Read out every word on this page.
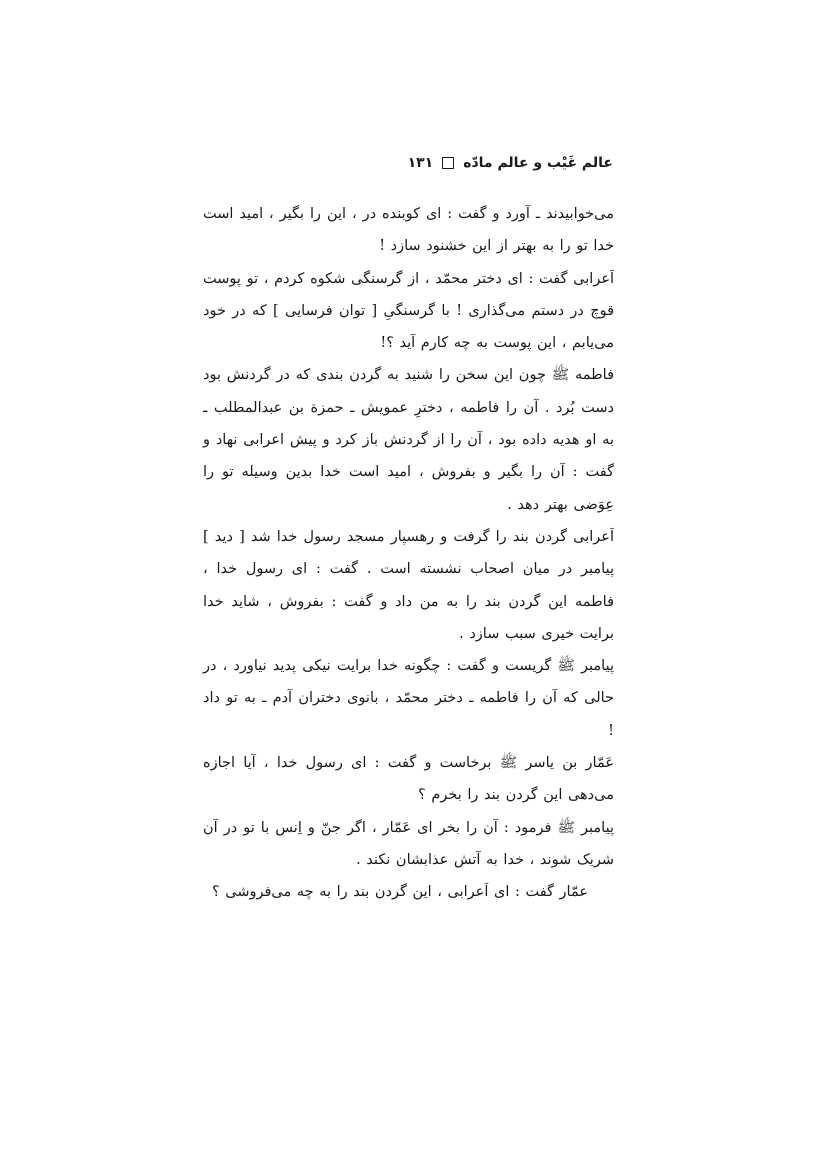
عالم غَیْب و عالم مادّه
۱۳۱

می‌خوابیدند ـ آورد و گفت : ای کوبنده در ، این را بگیر ، امید است خدا تو را به بهتر از این خشنود سازد !

اَعرابی گفت : ای دختر محمّد ، از گرسنگی شکوه کردم ، تو پوست قوچ در دستم می‌گذاری ! با گرسنگیِ [ توان فرسایی ] که در خود می‌یابم ، این پوست به چه کارم آید ؟!

فاطمه ﷺ چون این سخن را شنید به گردن بندی که در گردنش بود دست بُرد . آن را فاطمه ، دخترِ عمویش ـ حمزة بن عبدالمطلب ـ به او هدیه داده بود ، آن را از گردنش باز کرد و پیش اعرابی نهاد و گفت : آن را بگیر و بفروش ، امید است خدا بدین وسیله تو را عِوَضی بهتر دهد .

اَعرابی گردن بند را گرفت و رهسپار مسجد رسول خدا شد [ دید ] پیامبر در میان اصحاب نشسته است . گفت : ای رسول خدا ، فاطمه این گردن بند را به من داد و گفت : بفروش ، شاید خدا برایت خیری سبب سازد .

پیامبر ﷺ گریست و گفت : چگونه خدا برایت نیکی پدید نیاورد ، در حالی که آن را فاطمه ـ دختر محمّد ، بانوی دختران آدم ـ به تو داد !

عَمّار بن یاسر ﷺ برخاست و گفت : ای رسول خدا ، آیا اجازه می‌دهی این گردن بند را بخرم ؟

پیامبر ﷺ فرمود : آن را بخر ای عَمّار ، اگر جنّ و اِنس با تو در آن شریک شوند ، خدا به آتش عذابشان نکند .

عمّار گفت : ای اَعرابی ، این گردن بند را به چه می‌فروشی ؟
